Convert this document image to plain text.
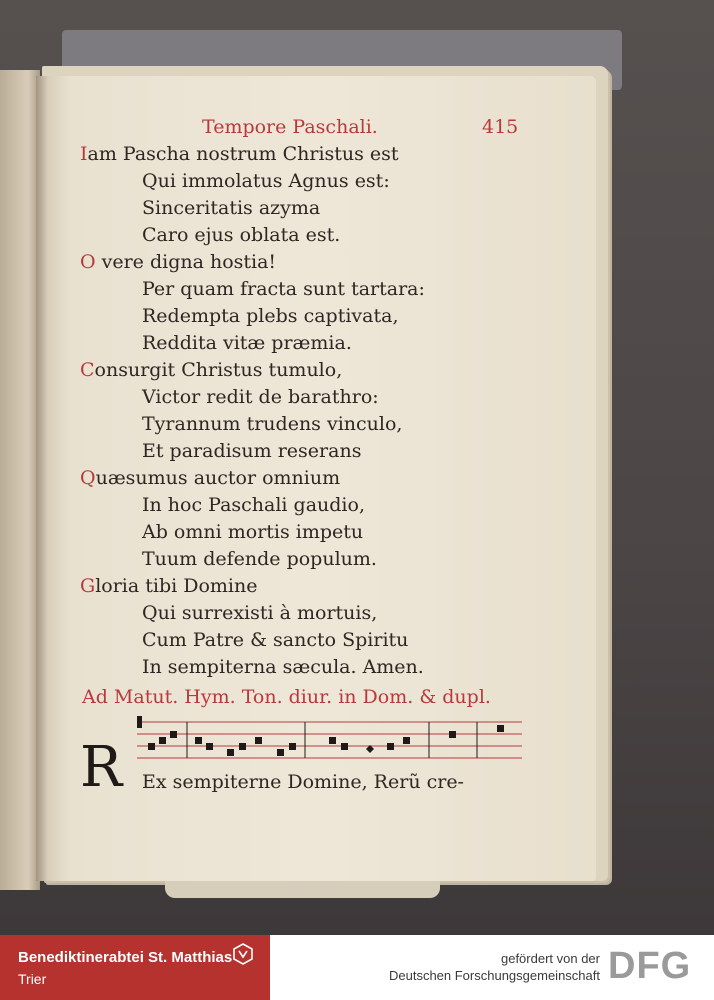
Tempore Paschali.	415
Iam Pascha nostrum Christus est
Qui immolatus Agnus est:
Sinceritatis azyma
Caro ejus oblata est.
O vere digna hostia!
Per quam fracta sunt tartara:
Redempta plebs captivata,
Reddita vitæ præmia.
Consurgit Christus tumulo,
Victor redit de barathro:
Tyrannum trudens vinculo,
Et paradisum reserans
Quæsumus auctor omnium
In hoc Paschali gaudio,
Ab omni mortis impetu
Tuum defende populum.
Gloria tibi Domine
Qui surrexisti à mortuis,
Cum Patre & sancto Spiritu
In sempiterna sæcula. Amen.
Ad Matut. Hym. Ton. diur. in Dom. & dupl.
R Ex sempiterne Domine, Rerũ cre-
Benediktinerabtei St. Matthias
Trier
gefördert von der
Deutschen Forschungsgemeinschaft DFG
